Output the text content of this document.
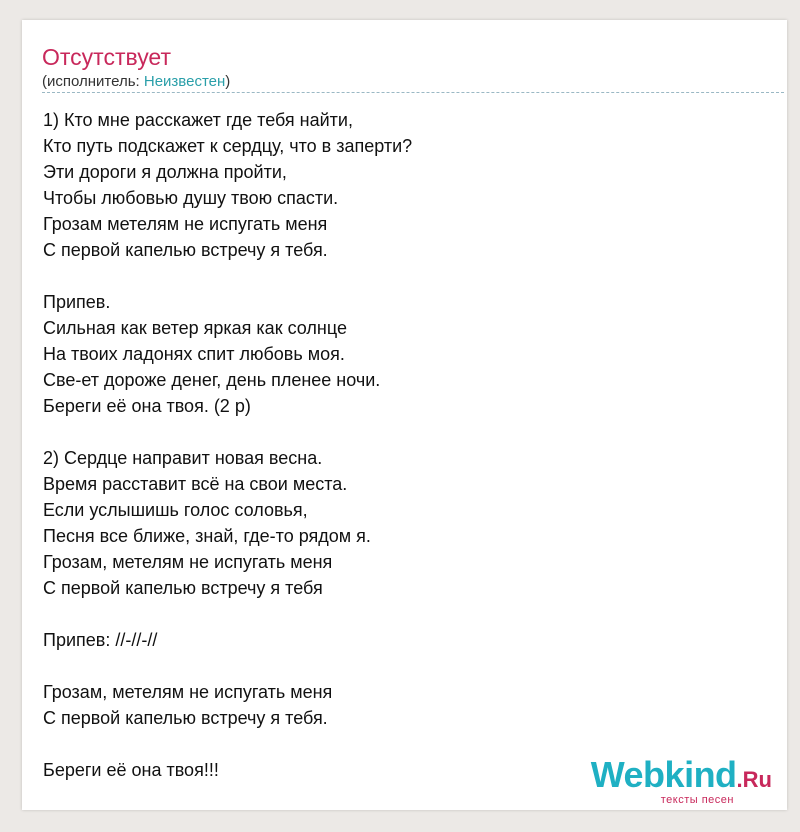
Отсутствует
(исполнитель: Неизвестен)
1) Кто мне расскажет где тебя найти,
Кто путь подскажет к сердцу, что в заперти?
Эти дороги я должна пройти,
Чтобы любовью душу твою спасти.
Грозам метелям не испугать меня
С первой капелью встречу я тебя.
Припев.
Сильная как ветер яркая как солнце
На твоих ладонях спит любовь моя.
Све-ет дороже денег, день пленее ночи.
Береги её она твоя. (2 р)
2) Сердце направит новая весна.
Время расставит всё на свои места.
Если услышишь голос соловья,
Песня все ближе, знай, где-то рядом я.
Грозам, метелям не испугать меня
С первой капелью встречу я тебя
Припев: //-//-//
Грозам, метелям не испугать меня
С первой капелью встречу я тебя.
Береги её она твоя!!!	Webkind.Ru
тексты песен
